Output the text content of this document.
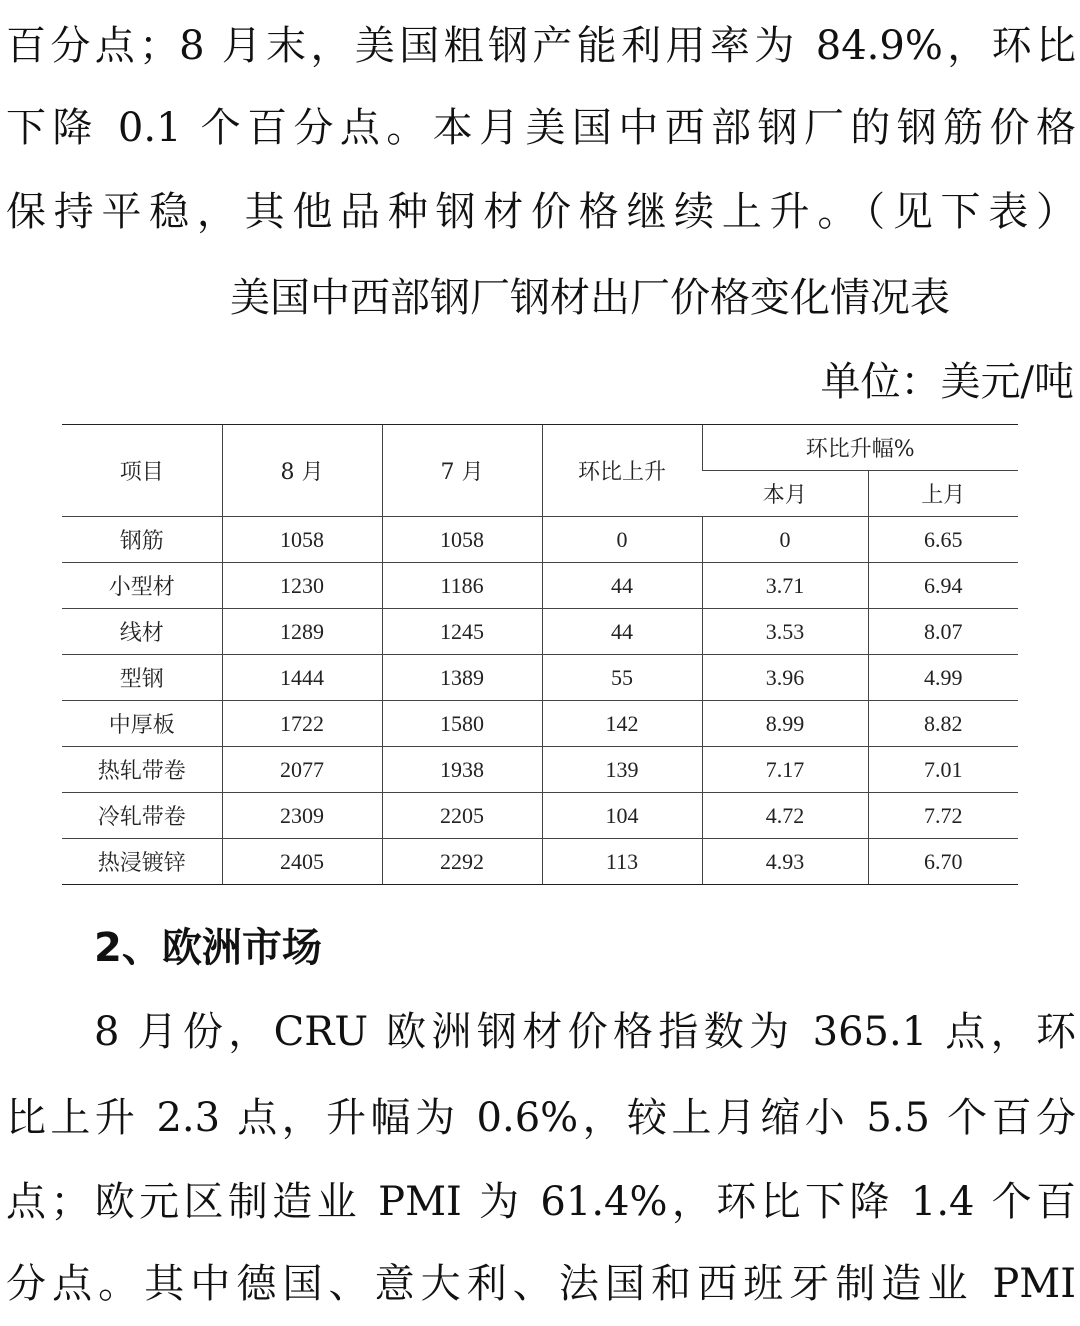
百分点；8 月末，美国粗钢产能利用率为 84.9%，环比
下降 0.1 个百分点。本月美国中西部钢厂的钢筋价格
保持平稳，其他品种钢材价格继续上升。（见下表）
美国中西部钢厂钢材出厂价格变化情况表
单位：美元/吨
项目	8 月	7 月	环比上升	环比升幅%	
				本月	上月
钢筋	1058	1058	0	0	6.65
小型材	1230	1186	44	3.71	6.94
线材	1289	1245	44	3.53	8.07
型钢	1444	1389	55	3.96	4.99
中厚板	1722	1580	142	8.99	8.82
热轧带卷	2077	1938	139	7.17	7.01
冷轧带卷	2309	2205	104	4.72	7.72
热浸镀锌	2405	2292	113	4.93	6.70
2、欧洲市场
8 月份，CRU 欧洲钢材价格指数为 365.1 点，环
比上升 2.3 点，升幅为 0.6%，较上月缩小 5.5 个百分
点；欧元区制造业 PMI 为 61.4%，环比下降 1.4 个百
分点。其中德国、意大利、法国和西班牙制造业 PMI
